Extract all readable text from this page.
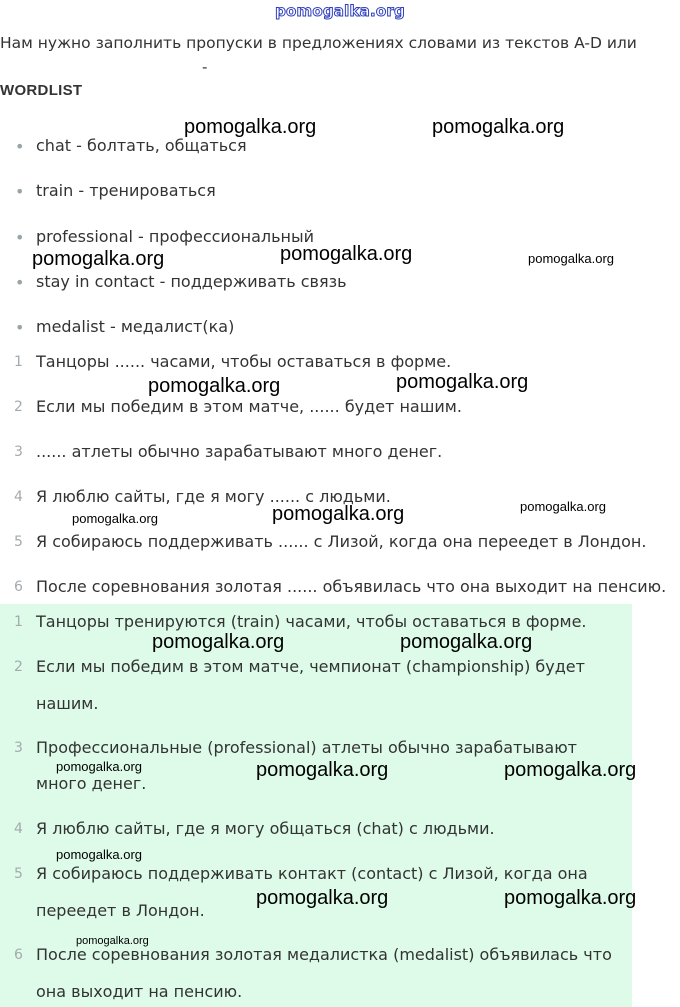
pomogalka.org
Нам нужно заполнить пропуски в предложениях словами из текстов A-D или
-
WORDLIST
• chat - болтать, общаться
• train - тренироваться
• professional - профессиональный
• stay in contact - поддерживать связь
• medalist - медалист(ка)
1 Танцоры ...... часами, чтобы оставаться в форме.
2 Если мы победим в этом матче, ...... будет нашим.
3 ...... атлеты обычно зарабатывают много денег.
4 Я люблю сайты, где я могу ...... с людьми.
5 Я собираюсь поддерживать ...... с Лизой, когда она переедет в Лондон.
6 После соревнования золотая ...... объявилась что она выходит на пенсию.
1 Танцоры тренируются (train) часами, чтобы оставаться в форме.
2 Если мы победим в этом матче, чемпионат (championship) будет
нашим.
3 Профессиональные (professional) атлеты обычно зарабатывают
много денег.
4 Я люблю сайты, где я могу общаться (chat) с людьми.
5 Я собираюсь поддерживать контакт (contact) с Лизой, когда она
переедет в Лондон.
6 После соревнования золотая медалистка (medalist) объявилась что
она выходит на пенсию.
pomogalka.org	pomogalka.org
pomogalka.org	pomogalka.org	pomogalka.org
pomogalka.org	pomogalka.org
pomogalka.org
pomogalka.org	pomogalka.org
pomogalka.org	pomogalka.org
pomogalka.org	pomogalka.org	pomogalka.org
pomogalka.org
pomogalka.org	pomogalka.org
pomogalka.org
